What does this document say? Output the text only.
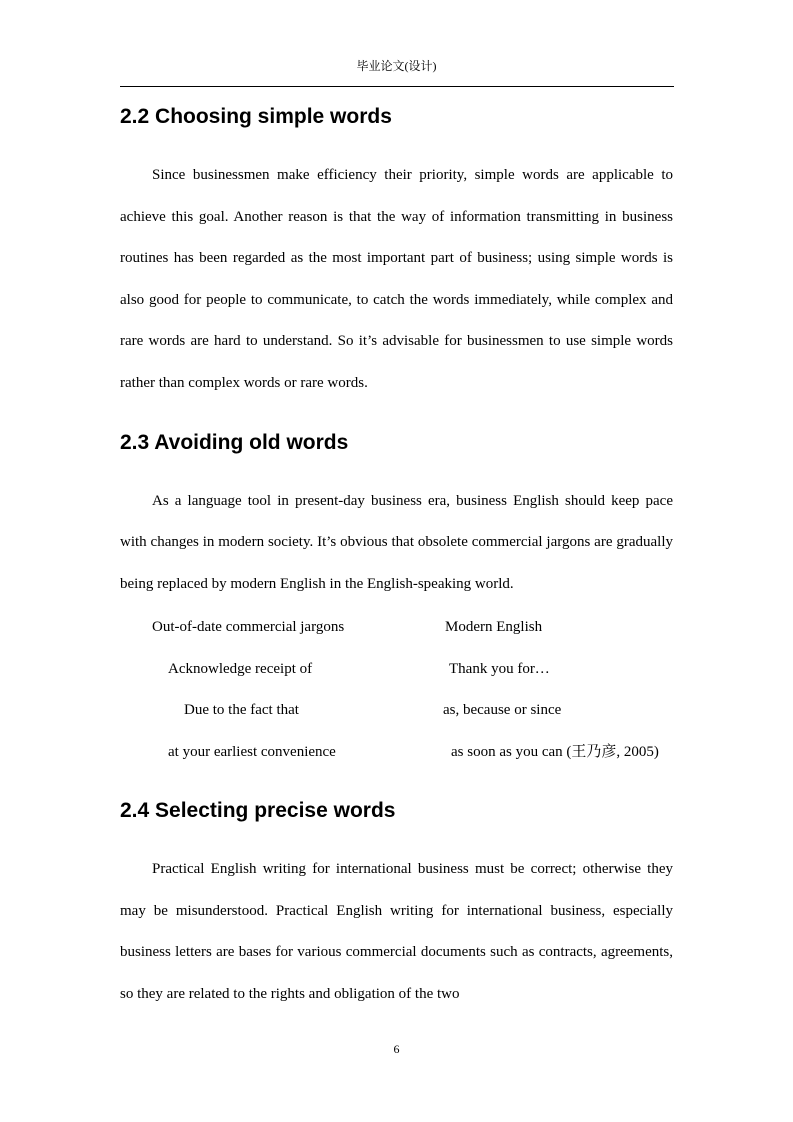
毕业论文(设计)
2.2 Choosing simple words

Since businessmen make efficiency their priority, simple words are applicable to achieve this goal. Another reason is that the way of information transmitting in business routines has been regarded as the most important part of business; using simple words is also good for people to communicate, to catch the words immediately, while complex and rare words are hard to understand. So it’s advisable for businessmen to use simple words rather than complex words or rare words.

2.3 Avoiding old words

As a language tool in present-day business era, business English should keep pace with changes in modern society. It’s obvious that obsolete commercial jargons are gradually being replaced by modern English in the English-speaking world.

Out-of-date commercial jargons	Modern English
Acknowledge receipt of	Thank you for…
Due to the fact that	as, because or since
at your earliest convenience	as soon as you can (王乃彦, 2005)
2.4 Selecting precise words

Practical English writing for international business must be correct; otherwise they may be misunderstood. Practical English writing for international business, especially business letters are bases for various commercial documents such as contracts, agreements, so they are related to the rights and obligation of the two

6
